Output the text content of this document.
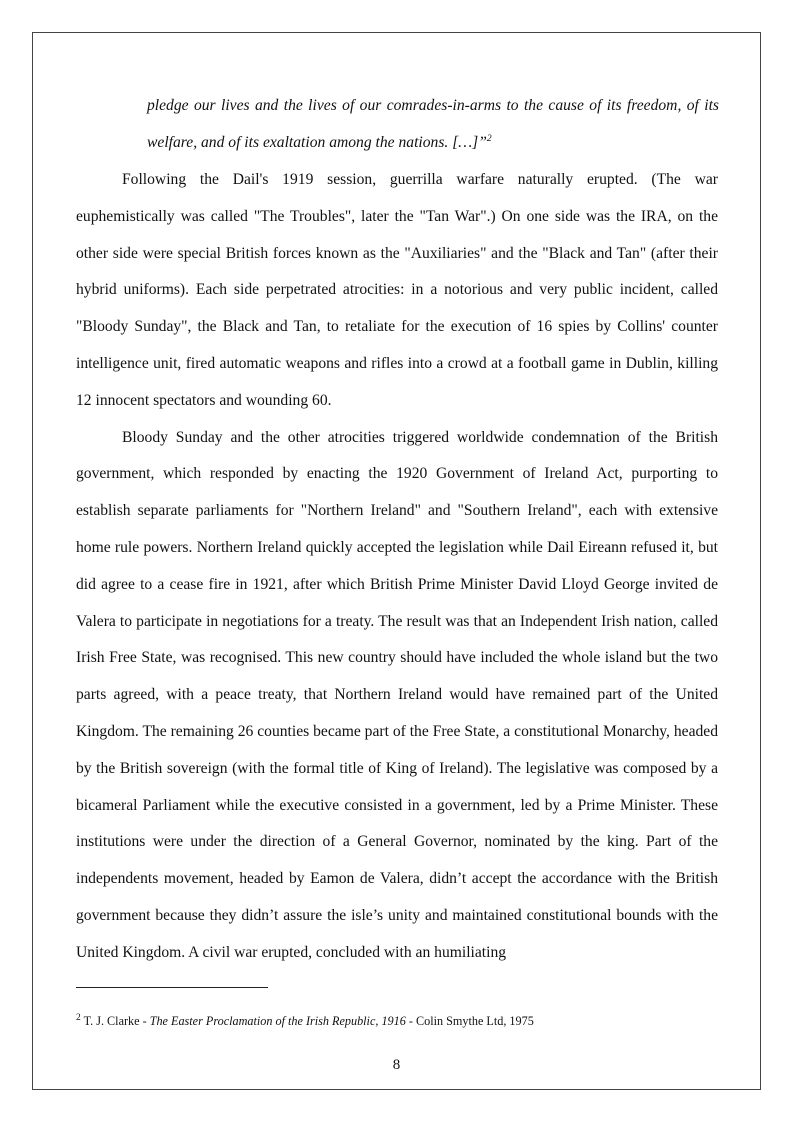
pledge our lives and the lives of our comrades-in-arms to the cause of its freedom, of its welfare, and of its exaltation among the nations. […]”$^2$

Following the Dail's 1919 session, guerrilla warfare naturally erupted. (The war euphemistically was called "The Troubles", later the "Tan War".) On one side was the IRA, on the other side were special British forces known as the "Auxiliaries" and the "Black and Tan" (after their hybrid uniforms). Each side perpetrated atrocities: in a notorious and very public incident, called "Bloody Sunday", the Black and Tan, to retaliate for the execution of 16 spies by Collins' counter intelligence unit, fired automatic weapons and rifles into a crowd at a football game in Dublin, killing 12 innocent spectators and wounding 60.

Bloody Sunday and the other atrocities triggered worldwide condemnation of the British government, which responded by enacting the 1920 Government of Ireland Act, purporting to establish separate parliaments for "Northern Ireland" and "Southern Ireland", each with extensive home rule powers. Northern Ireland quickly accepted the legislation while Dail Eireann refused it, but did agree to a cease fire in 1921, after which British Prime Minister David Lloyd George invited de Valera to participate in negotiations for a treaty. The result was that an Independent Irish nation, called Irish Free State, was recognised. This new country should have included the whole island but the two parts agreed, with a peace treaty, that Northern Ireland would have remained part of the United Kingdom. The remaining 26 counties became part of the Free State, a constitutional Monarchy, headed by the British sovereign (with the formal title of King of Ireland). The legislative was composed by a bicameral Parliament while the executive consisted in a government, led by a Prime Minister. These institutions were under the direction of a General Governor, nominated by the king. Part of the independents movement, headed by Eamon de Valera, didn’t accept the accordance with the British government because they didn’t assure the isle’s unity and maintained constitutional bounds with the United Kingdom. A civil war erupted, concluded with an humiliating

$^2$ T. J. Clarke - The Easter Proclamation of the Irish Republic, 1916 - Colin Smythe Ltd, 1975

8
